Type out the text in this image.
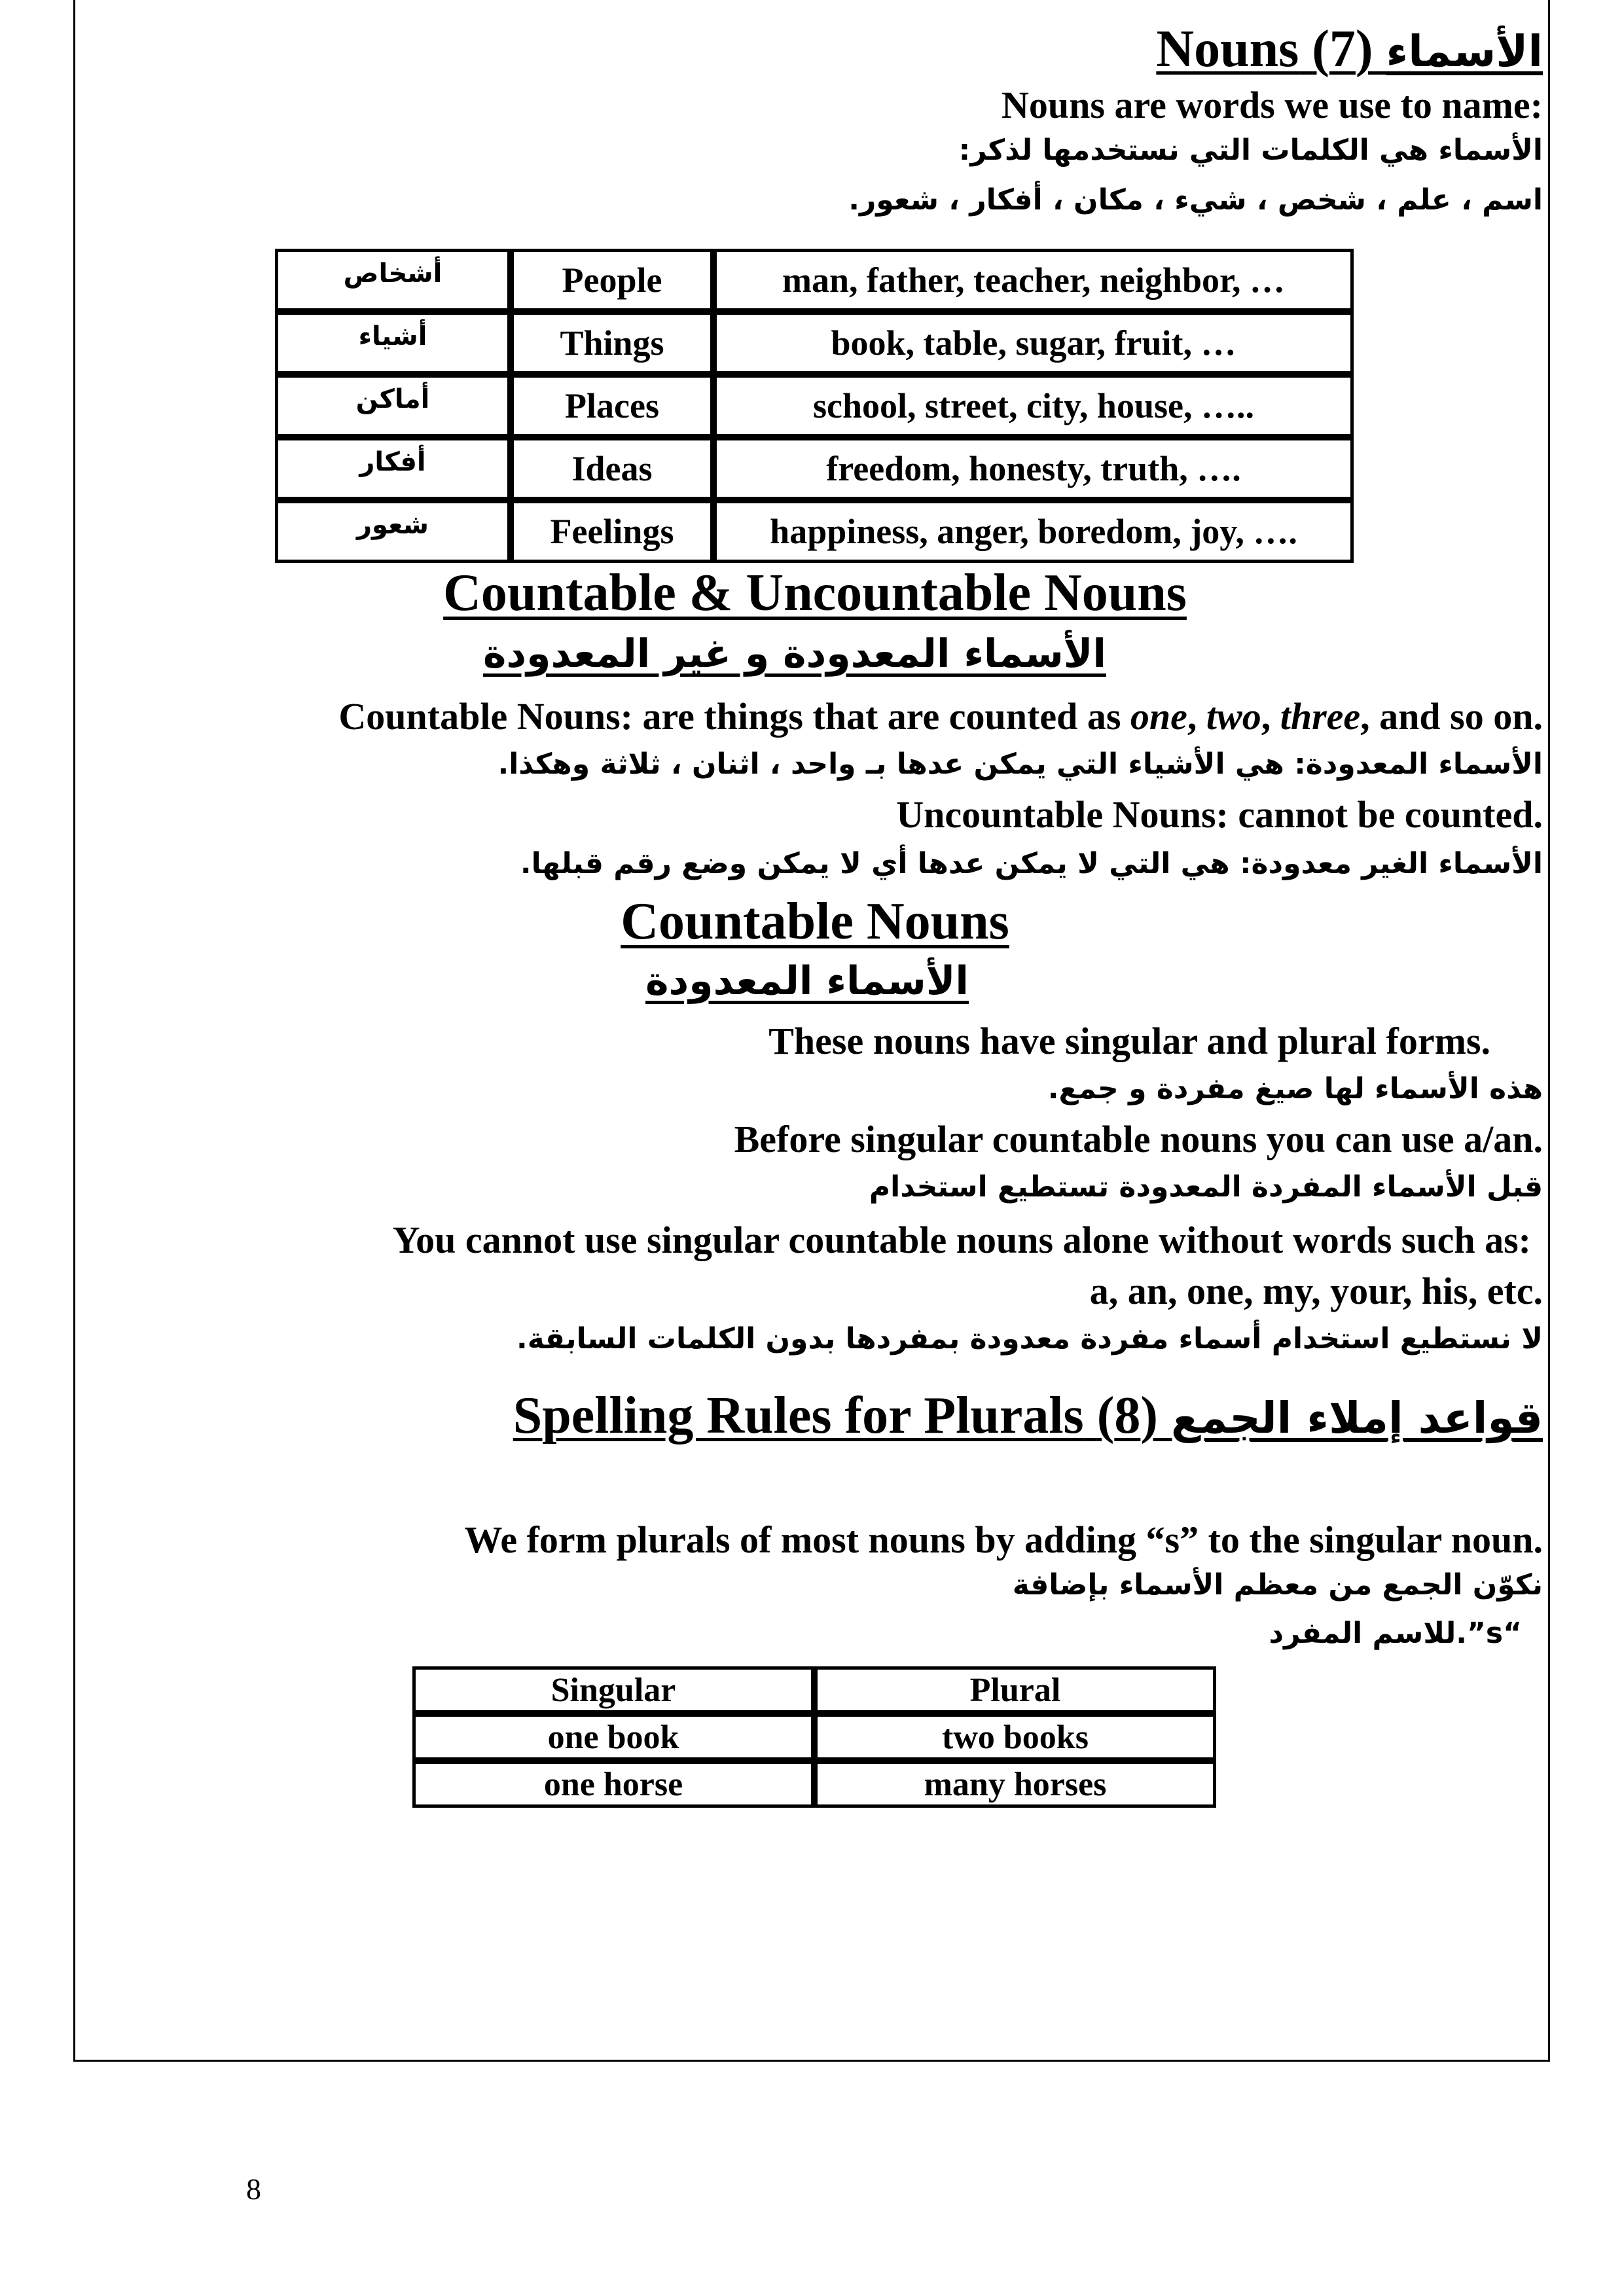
Nouns الأسماء (7)
Nouns are words we use to name:
الأسماء هي الكلمات التي نستخدمها لذكر:
اسم ، علم ، شخص ، شيء ، مكان ، أفكار ، شعور.
أشخاص	People	man, father, teacher, neighbor, …
أشياء	Things	book, table, sugar, fruit, …
أماكن	Places	school, street, city, house, …..
أفكار	Ideas	freedom, honesty, truth, ….
شعور	Feelings	happiness, anger, boredom, joy, ….
Countable & Uncountable Nouns
الأسماء المعدودة و غير المعدودة
Countable Nouns: are things that are counted as one, two, three, and so on.
الأسماء المعدودة: هي الأشياء التي يمكن عدها بـ واحد ، اثنان ، ثلاثة وهكذا.
Uncountable Nouns: cannot be counted.
الأسماء الغير معدودة: هي التي لا يمكن عدها أي لا يمكن وضع رقم قبلها.
Countable Nouns
الأسماء المعدودة
These nouns have singular and plural forms.
هذه الأسماء لها صيغ مفردة و جمع.
Before singular countable nouns you can use a/an.
قبل الأسماء المفردة المعدودة تستطيع استخدام
You cannot use singular countable nouns alone without words such as:
a, an, one, my, your, his, etc.
لا نستطيع استخدام أسماء مفردة معدودة بمفردها بدون الكلمات السابقة.
Spelling Rules for Plurals قواعد إملاء الجمع (8)
We form plurals of most nouns by adding “s” to the singular noun.
نكوّن الجمع من معظم الأسماء بإضافة
“s”.للاسم المفرد
Singular	Plural
one book	two books
one horse	many horses
8
